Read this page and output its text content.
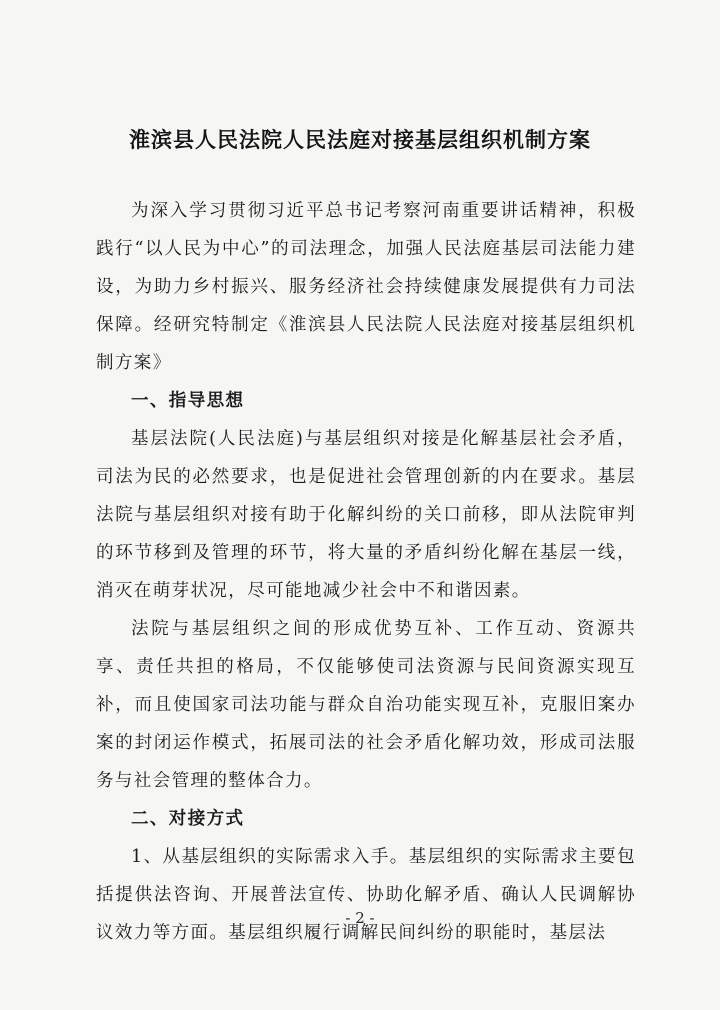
淮滨县人民法院人民法庭对接基层组织机制方案

为深入学习贯彻习近平总书记考察河南重要讲话精神，积极践行“以人民为中心”的司法理念，加强人民法庭基层司法能力建设，为助力乡村振兴、服务经济社会持续健康发展提供有力司法保障。经研究特制定《淮滨县人民法院人民法庭对接基层组织机制方案》

一、指导思想

基层法院(人民法庭)与基层组织对接是化解基层社会矛盾，司法为民的必然要求，也是促进社会管理创新的内在要求。基层法院与基层组织对接有助于化解纠纷的关口前移，即从法院审判的环节移到及管理的环节，将大量的矛盾纠纷化解在基层一线，消灭在萌芽状况，尽可能地减少社会中不和谐因素。

法院与基层组织之间的形成优势互补、工作互动、资源共享、责任共担的格局，不仅能够使司法资源与民间资源实现互补，而且使国家司法功能与群众自治功能实现互补，克服旧案办案的封闭运作模式，拓展司法的社会矛盾化解功效，形成司法服务与社会管理的整体合力。

二、对接方式

1、从基层组织的实际需求入手。基层组织的实际需求主要包括提供法咨询、开展普法宣传、协助化解矛盾、确认人民调解协议效力等方面。基层组织履行调解民间纠纷的职能时，基层法

- 2 -
